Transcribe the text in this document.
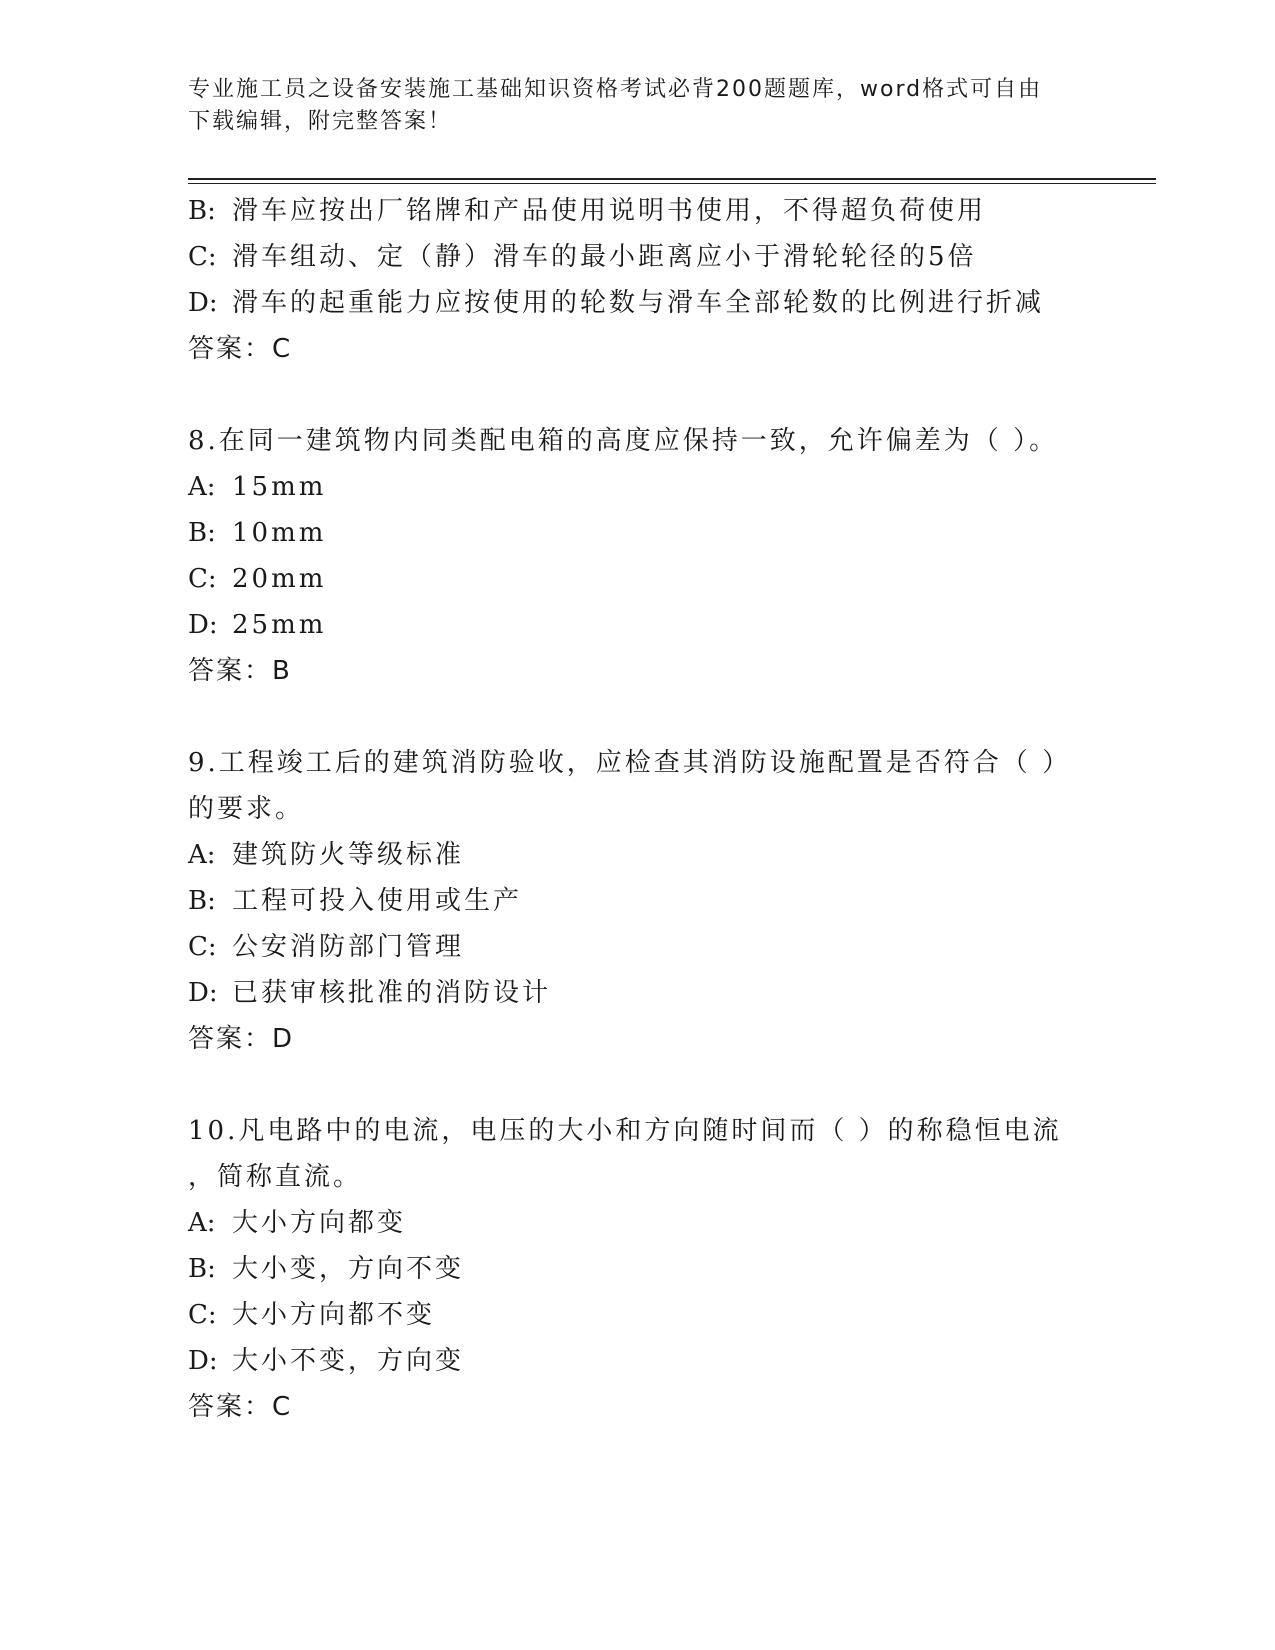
专业施工员之设备安装施工基础知识资格考试必背200题题库，word格式可自由
下载编辑，附完整答案！
B: 滑车应按出厂铭牌和产品使用说明书使用，不得超负荷使用
C: 滑车组动、定（静）滑车的最小距离应小于滑轮轮径的5倍
D: 滑车的起重能力应按使用的轮数与滑车全部轮数的比例进行折减
答案：C
8.在同一建筑物内同类配电箱的高度应保持一致，允许偏差为（ ）。
A: 15mm
B: 10mm
C: 20mm
D: 25mm
答案：B
9.工程竣工后的建筑消防验收，应检查其消防设施配置是否符合（ ）
的要求。
A: 建筑防火等级标准
B: 工程可投入使用或生产
C: 公安消防部门管理
D: 已获审核批准的消防设计
答案：D
10.凡电路中的电流，电压的大小和方向随时间而（ ）的称稳恒电流
，简称直流。
A: 大小方向都变
B: 大小变，方向不变
C: 大小方向都不变
D: 大小不变，方向变
答案：C
